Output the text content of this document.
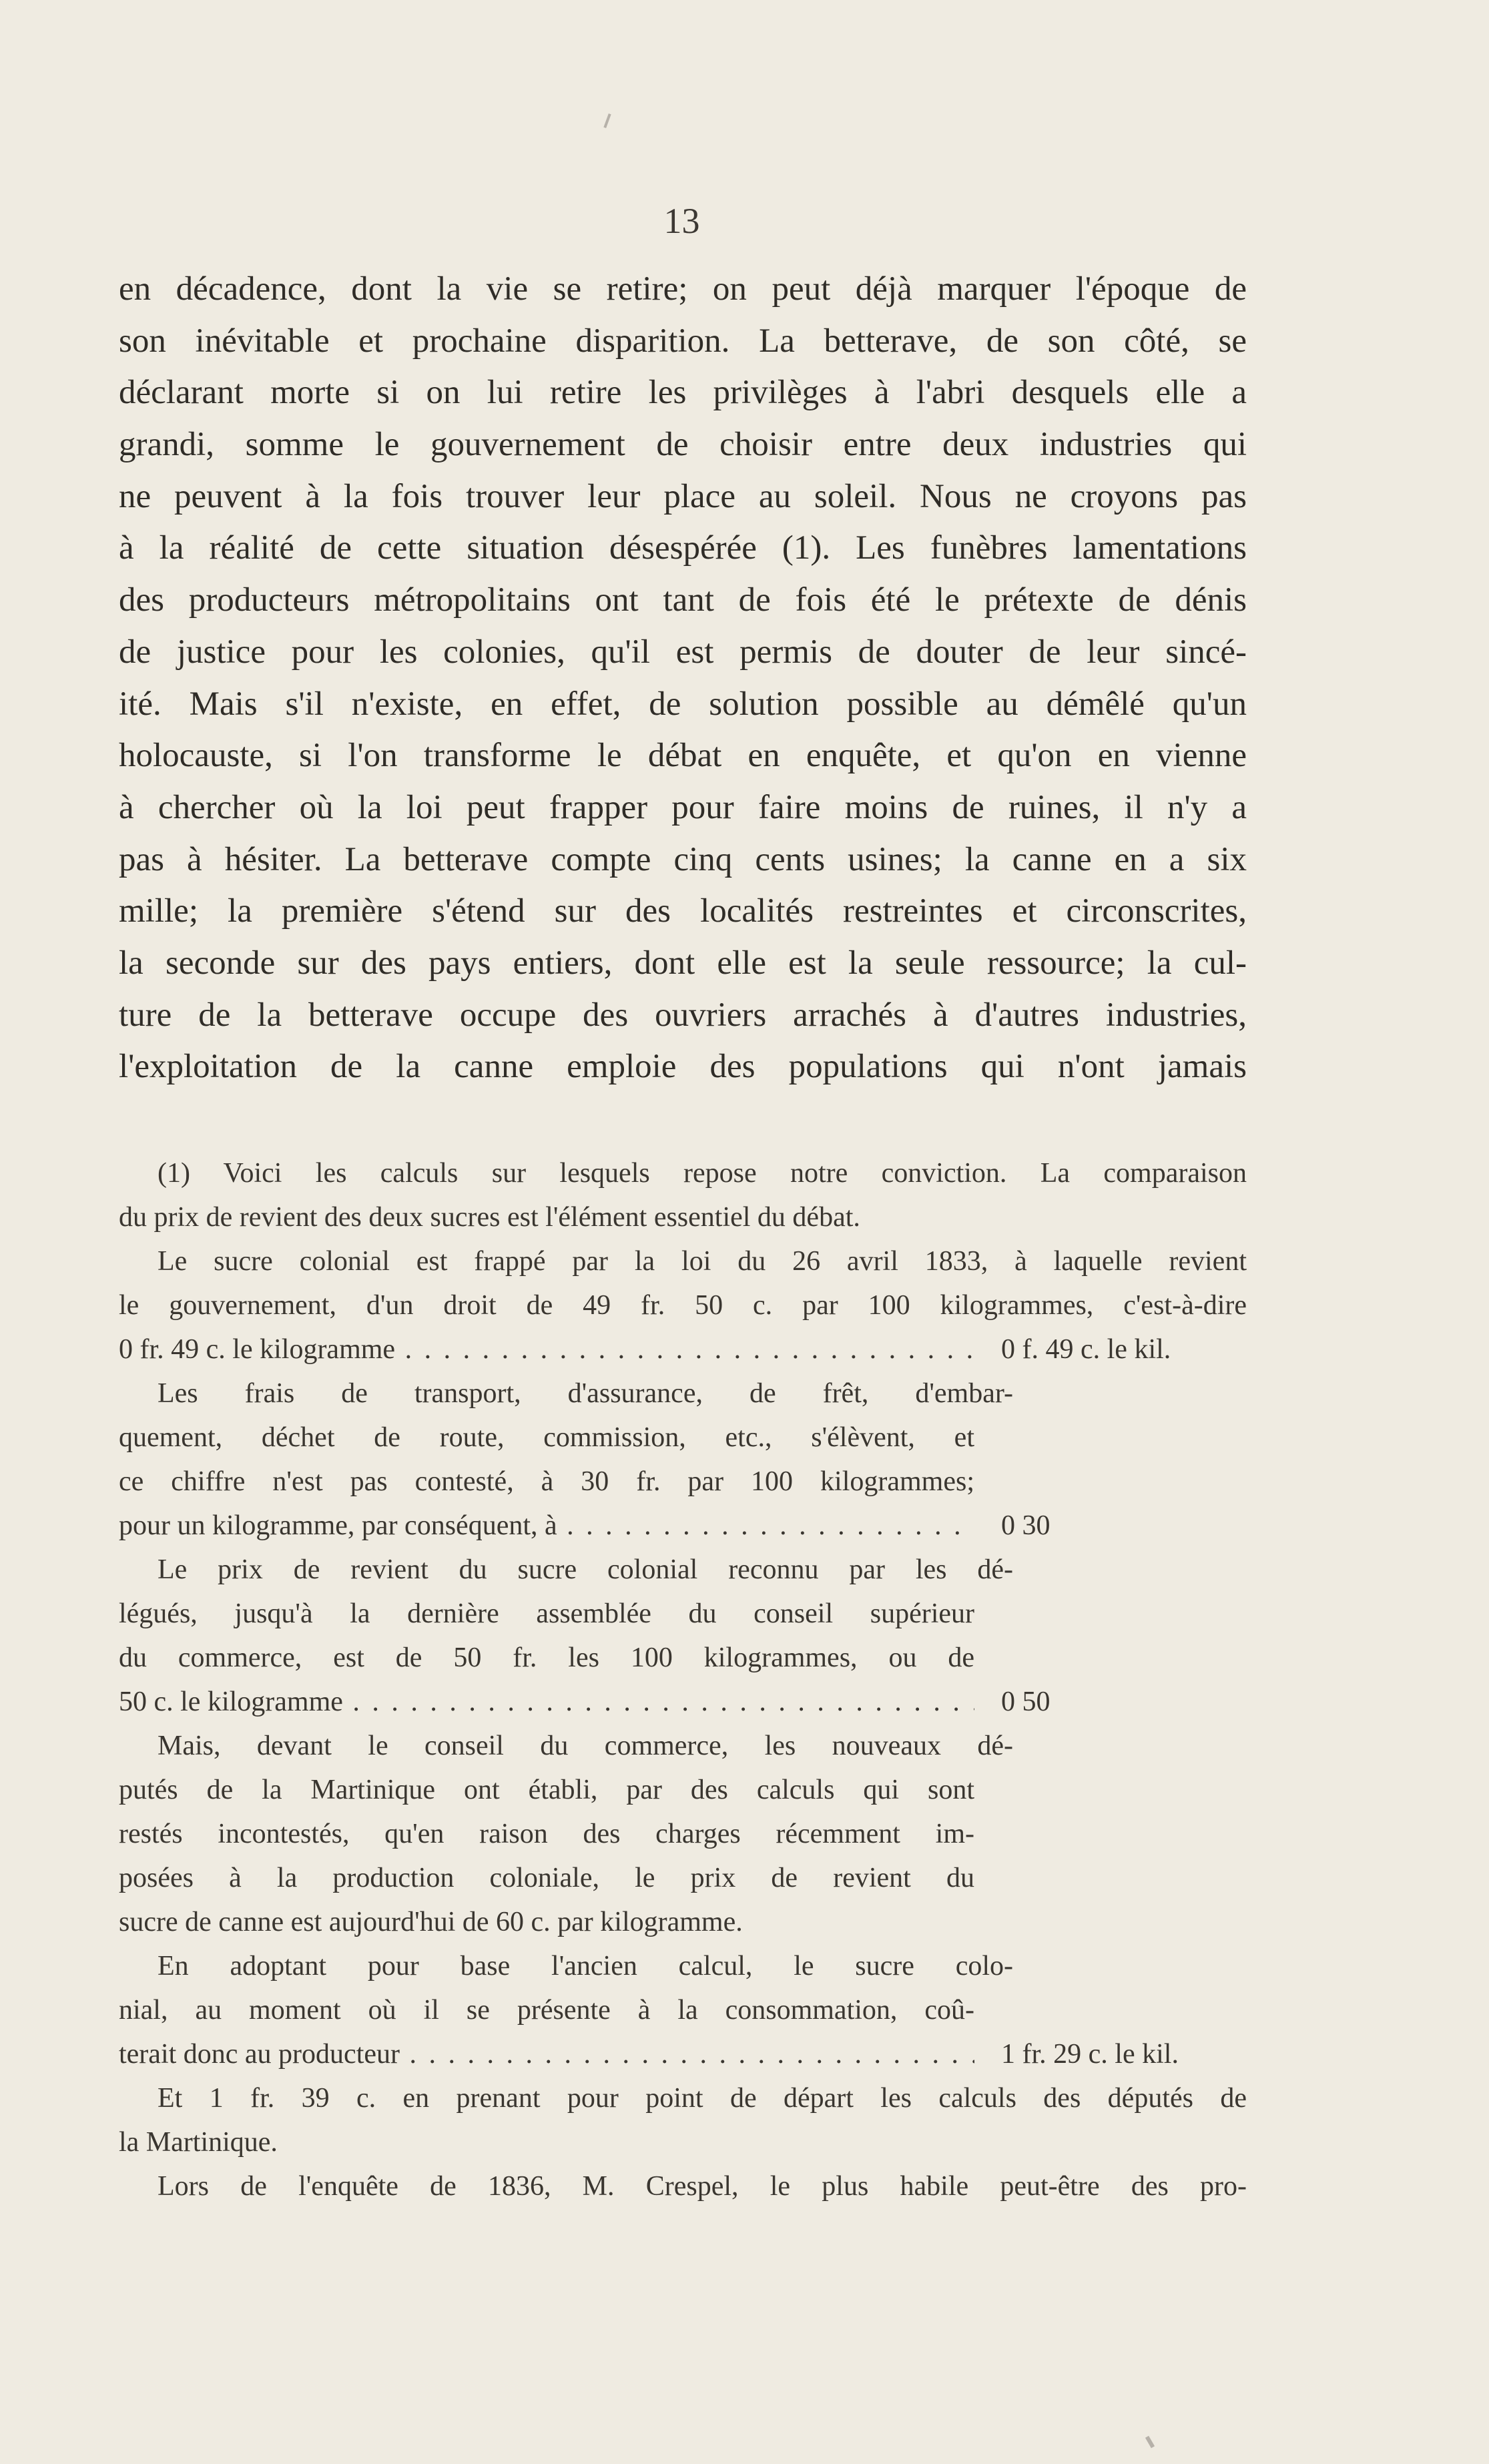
13
en décadence, dont la vie se retire; on peut déjà marquer l'époque de
son inévitable et prochaine disparition. La betterave, de son côté, se
déclarant morte si on lui retire les privilèges à l'abri desquels elle a
grandi, somme le gouvernement de choisir entre deux industries qui
ne peuvent à la fois trouver leur place au soleil. Nous ne croyons pas
à la réalité de cette situation désespérée (1). Les funèbres lamentations
des producteurs métropolitains ont tant de fois été le prétexte de dénis
de justice pour les colonies, qu'il est permis de douter de leur sincé-
ité. Mais s'il n'existe, en effet, de solution possible au démêlé qu'un
holocauste, si l'on transforme le débat en enquête, et qu'on en vienne
à chercher où la loi peut frapper pour faire moins de ruines, il n'y a
pas à hésiter. La betterave compte cinq cents usines; la canne en a six
mille; la première s'étend sur des localités restreintes et circonscrites,
la seconde sur des pays entiers, dont elle est la seule ressource; la cul-
ture de la betterave occupe des ouvriers arrachés à d'autres industries,
l'exploitation de la canne emploie des populations qui n'ont jamais
(1) Voici les calculs sur lesquels repose notre conviction. La comparaison
du prix de revient des deux sucres est l'élément essentiel du débat.
Le sucre colonial est frappé par la loi du 26 avril 1833, à laquelle revient
le gouvernement, d'un droit de 49 fr. 50 c. par 100 kilogrammes, c'est-à-dire
0 fr. 49 c. le kilogramme . . .	0 f. 49 c. le kil.
Les frais de transport, d'assurance, de frêt, d'embar-
quement, déchet de route, commission, etc., s'élèvent, et
ce chiffre n'est pas contesté, à 30 fr. par 100 kilogrammes;
pour un kilogramme, par conséquent, à . . .	0 30
Le prix de revient du sucre colonial reconnu par les dé-
légués, jusqu'à la dernière assemblée du conseil supérieur
du commerce, est de 50 fr. les 100 kilogrammes, ou de
50 c. le kilogramme . . .	0 50
Mais, devant le conseil du commerce, les nouveaux dé-
putés de la Martinique ont établi, par des calculs qui sont
restés incontestés, qu'en raison des charges récemment im-
posées à la production coloniale, le prix de revient du
sucre de canne est aujourd'hui de 60 c. par kilogramme.
En adoptant pour base l'ancien calcul, le sucre colo-
nial, au moment où il se présente à la consommation, coû-
terait donc au producteur . . .	1 fr. 29 c. le kil.
Et 1 fr. 39 c. en prenant pour point de départ les calculs des députés de
la Martinique.
Lors de l'enquête de 1836, M. Crespel, le plus habile peut-être des pro-
